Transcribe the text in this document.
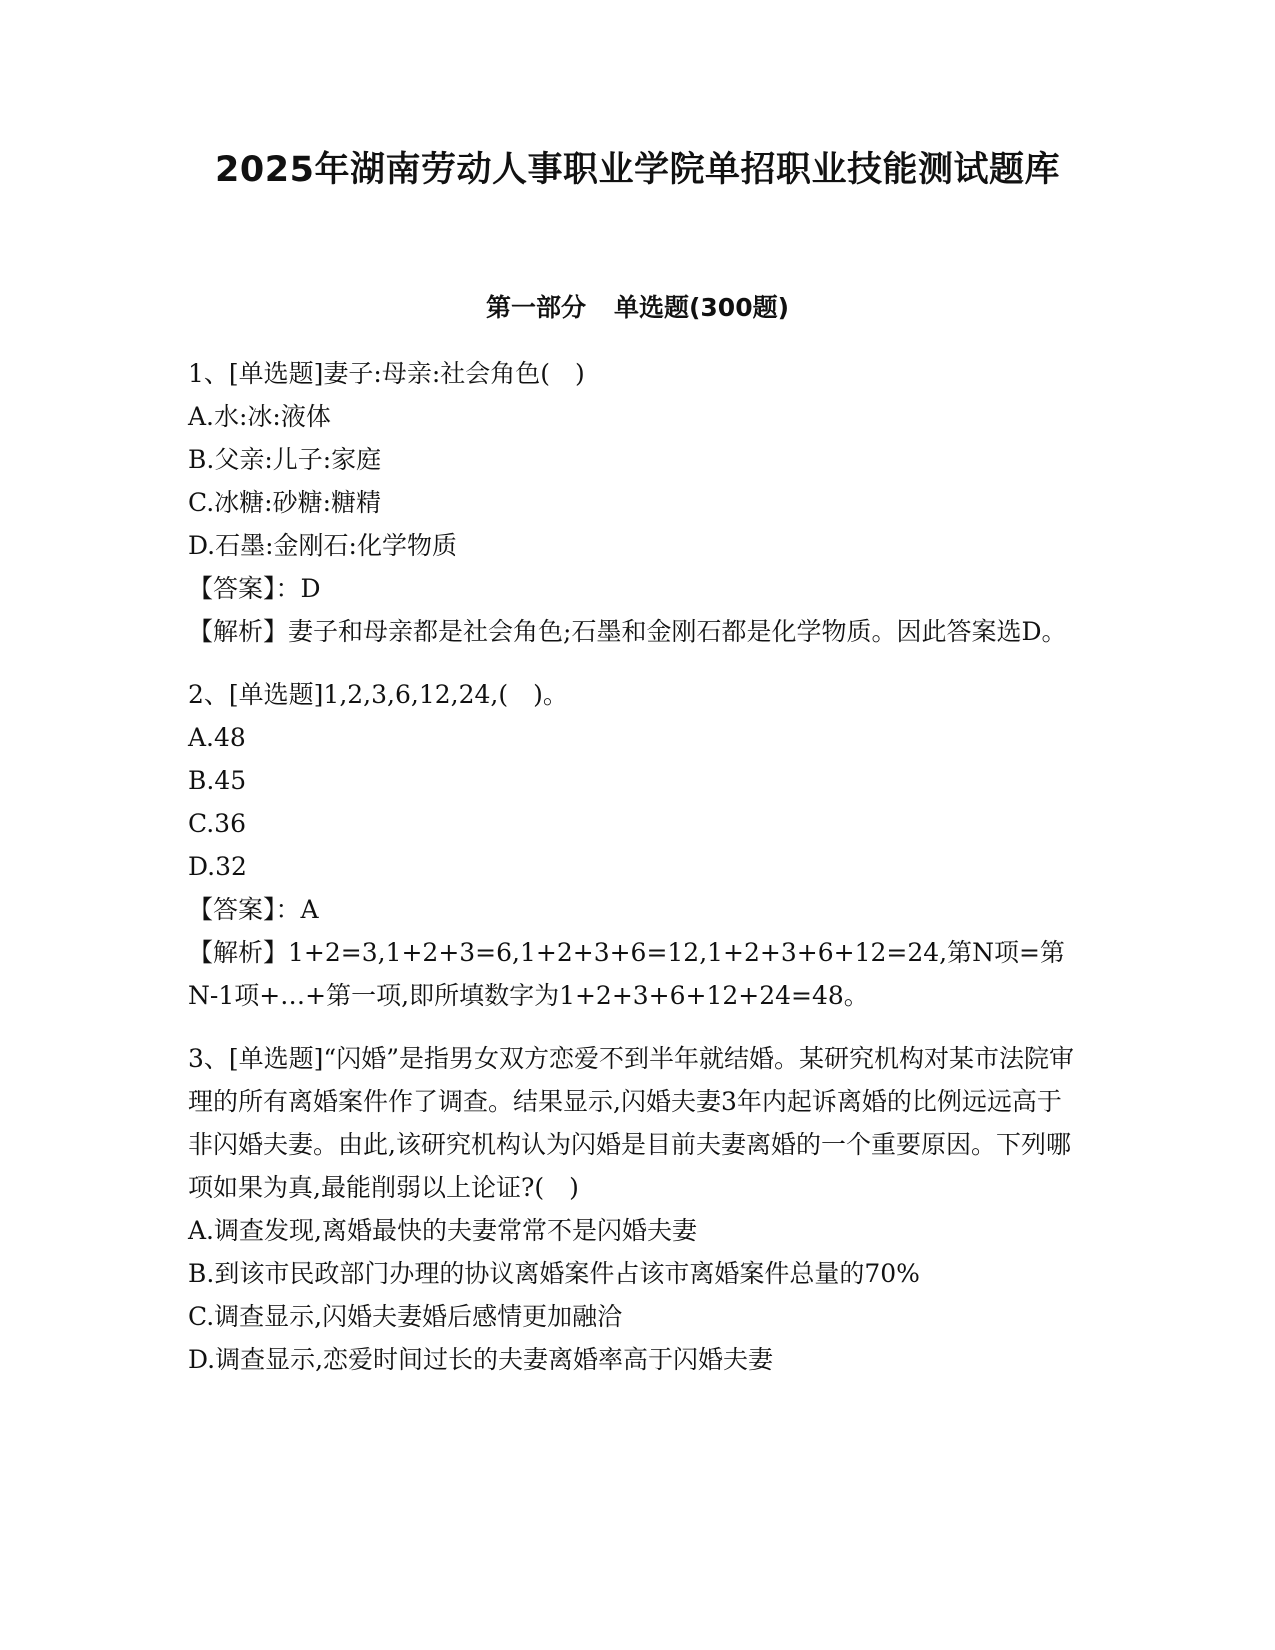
2025年湖南劳动人事职业学院单招职业技能测试题库
第一部分 单选题(300题)
1、[单选题]妻子:母亲:社会角色(　)
A.水:冰:液体
B.父亲:儿子:家庭
C.冰糖:砂糖:糖精
D.石墨:金刚石:化学物质
【答案】：D
【解析】妻子和母亲都是社会角色;石墨和金刚石都是化学物质。因此答案选D。
2、[单选题]1,2,3,6,12,24,(　)。
A.48
B.45
C.36
D.32
【答案】：A
【解析】1+2=3,1+2+3=6,1+2+3+6=12,1+2+3+6+12=24,第N项=第N-1项+…+第一项,即所填数字为1+2+3+6+12+24=48。
3、[单选题]“闪婚”是指男女双方恋爱不到半年就结婚。某研究机构对某市法院审理的所有离婚案件作了调查。结果显示,闪婚夫妻3年内起诉离婚的比例远远高于非闪婚夫妻。由此,该研究机构认为闪婚是目前夫妻离婚的一个重要原因。下列哪项如果为真,最能削弱以上论证?(　)
A.调查发现,离婚最快的夫妻常常不是闪婚夫妻
B.到该市民政部门办理的协议离婚案件占该市离婚案件总量的70%
C.调查显示,闪婚夫妻婚后感情更加融洽
D.调查显示,恋爱时间过长的夫妻离婚率高于闪婚夫妻
